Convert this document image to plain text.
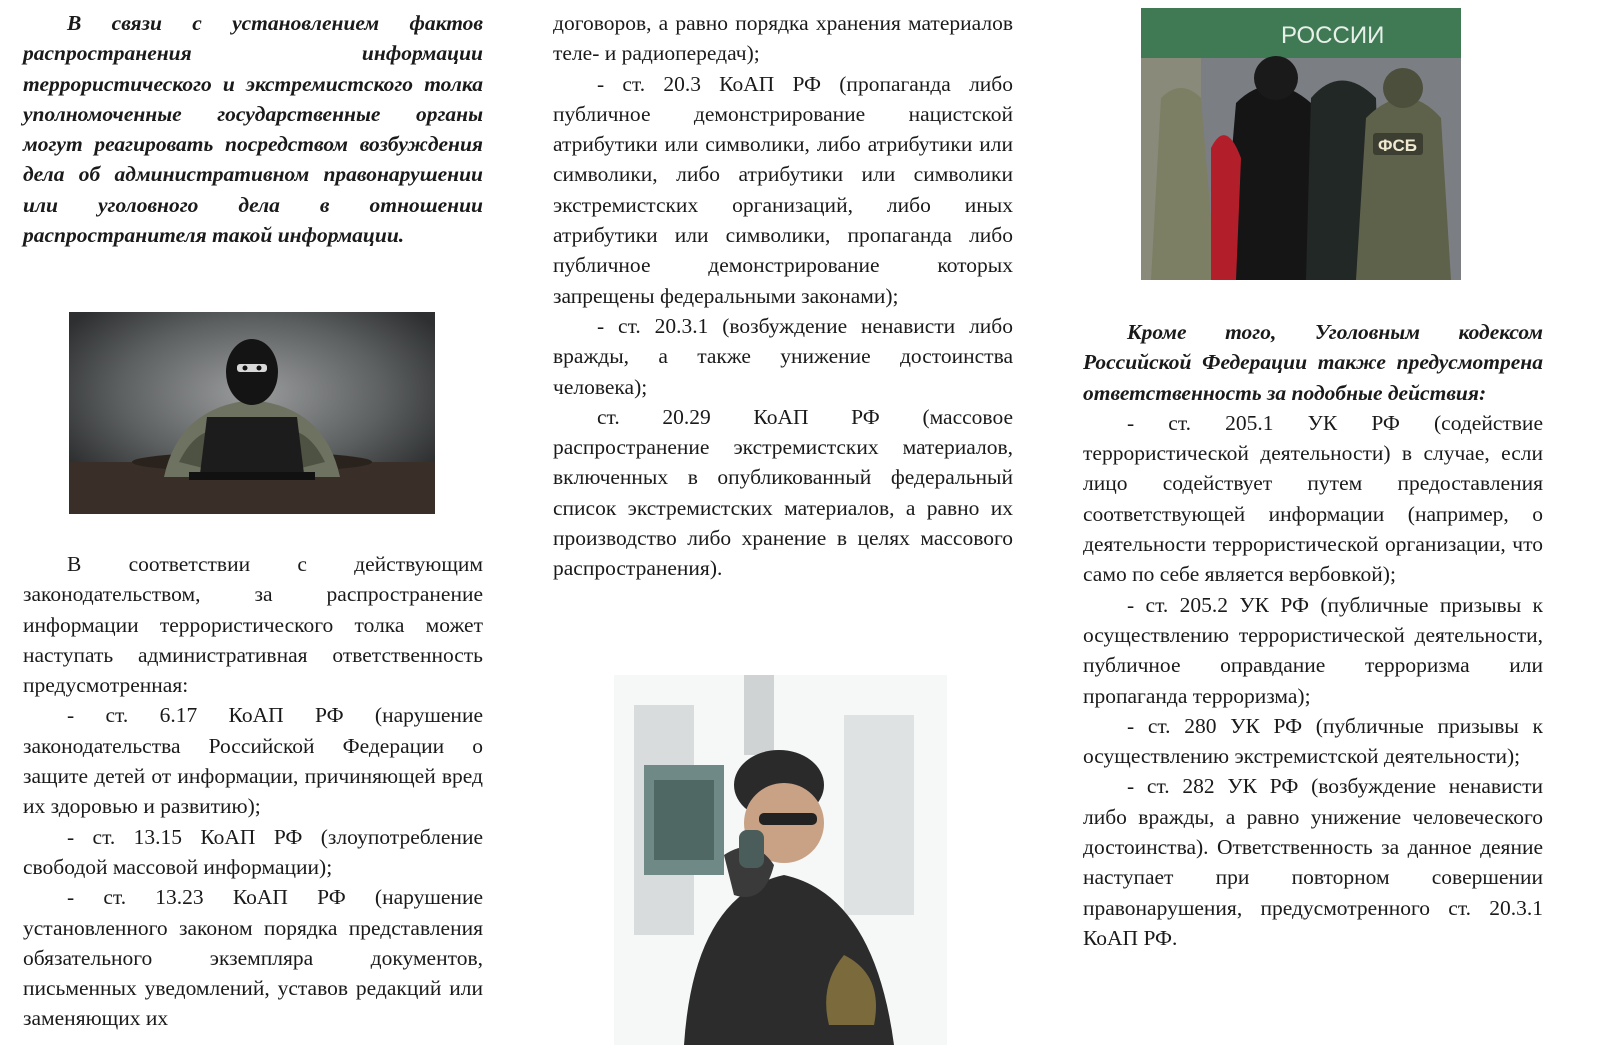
В связи с установлением фактов распространения информации террористического и экстремистского толка уполномоченные государственные органы могут реагировать посредством возбуждения дела об административном правонарушении или уголовного дела в отношении распространителя такой информации.

В соответствии с действующим законодательством, за распространение информации террористического толка может наступать административная ответственность предусмотренная:

- ст. 6.17 КоАП РФ (нарушение законодательства Российской Федерации о защите детей от информации, причиняющей вред их здоровью и развитию);

- ст. 13.15 КоАП РФ (злоупотребление свободой массовой информации);

- ст. 13.23 КоАП РФ (нарушение установленного законом порядка представления обязательного экземпляра документов, письменных уведомлений, уставов редакций или заменяющих их

договоров, а равно порядка хранения материалов теле- и радиопередач);

- ст. 20.3 КоАП РФ (пропаганда либо публичное демонстрирование нацистской атрибутики или символики, либо атрибутики или символики, либо атрибутики или символики экстремистских организаций, либо иных атрибутики или символики, пропаганда либо публичное демонстрирование которых запрещены федеральными законами);

- ст. 20.3.1 (возбуждение ненависти либо вражды, а также унижение достоинства человека);

ст. 20.29 КоАП РФ (массовое распространение экстремистских материалов, включенных в опубликованный федеральный список экстремистских материалов, а равно их производство либо хранение в целях массового распространения).

РОССИИ
ФСБ

Кроме того, Уголовным кодексом Российской Федерации также предусмотрена ответственность за подобные действия:

- ст. 205.1 УК РФ (содействие террористической деятельности) в случае, если лицо содействует путем предоставления соответствующей информации (например, о деятельности террористической организации, что само по себе является вербовкой);

- ст. 205.2 УК РФ (публичные призывы к осуществлению террористической деятельности, публичное оправдание терроризма или пропаганда терроризма);

- ст. 280 УК РФ (публичные призывы к осуществлению экстремистской деятельности);

- ст. 282 УК РФ (возбуждение ненависти либо вражды, а равно унижение человеческого достоинства). Ответственность за данное деяние наступает при повторном совершении правонарушения, предусмотренного ст. 20.3.1 КоАП РФ.
